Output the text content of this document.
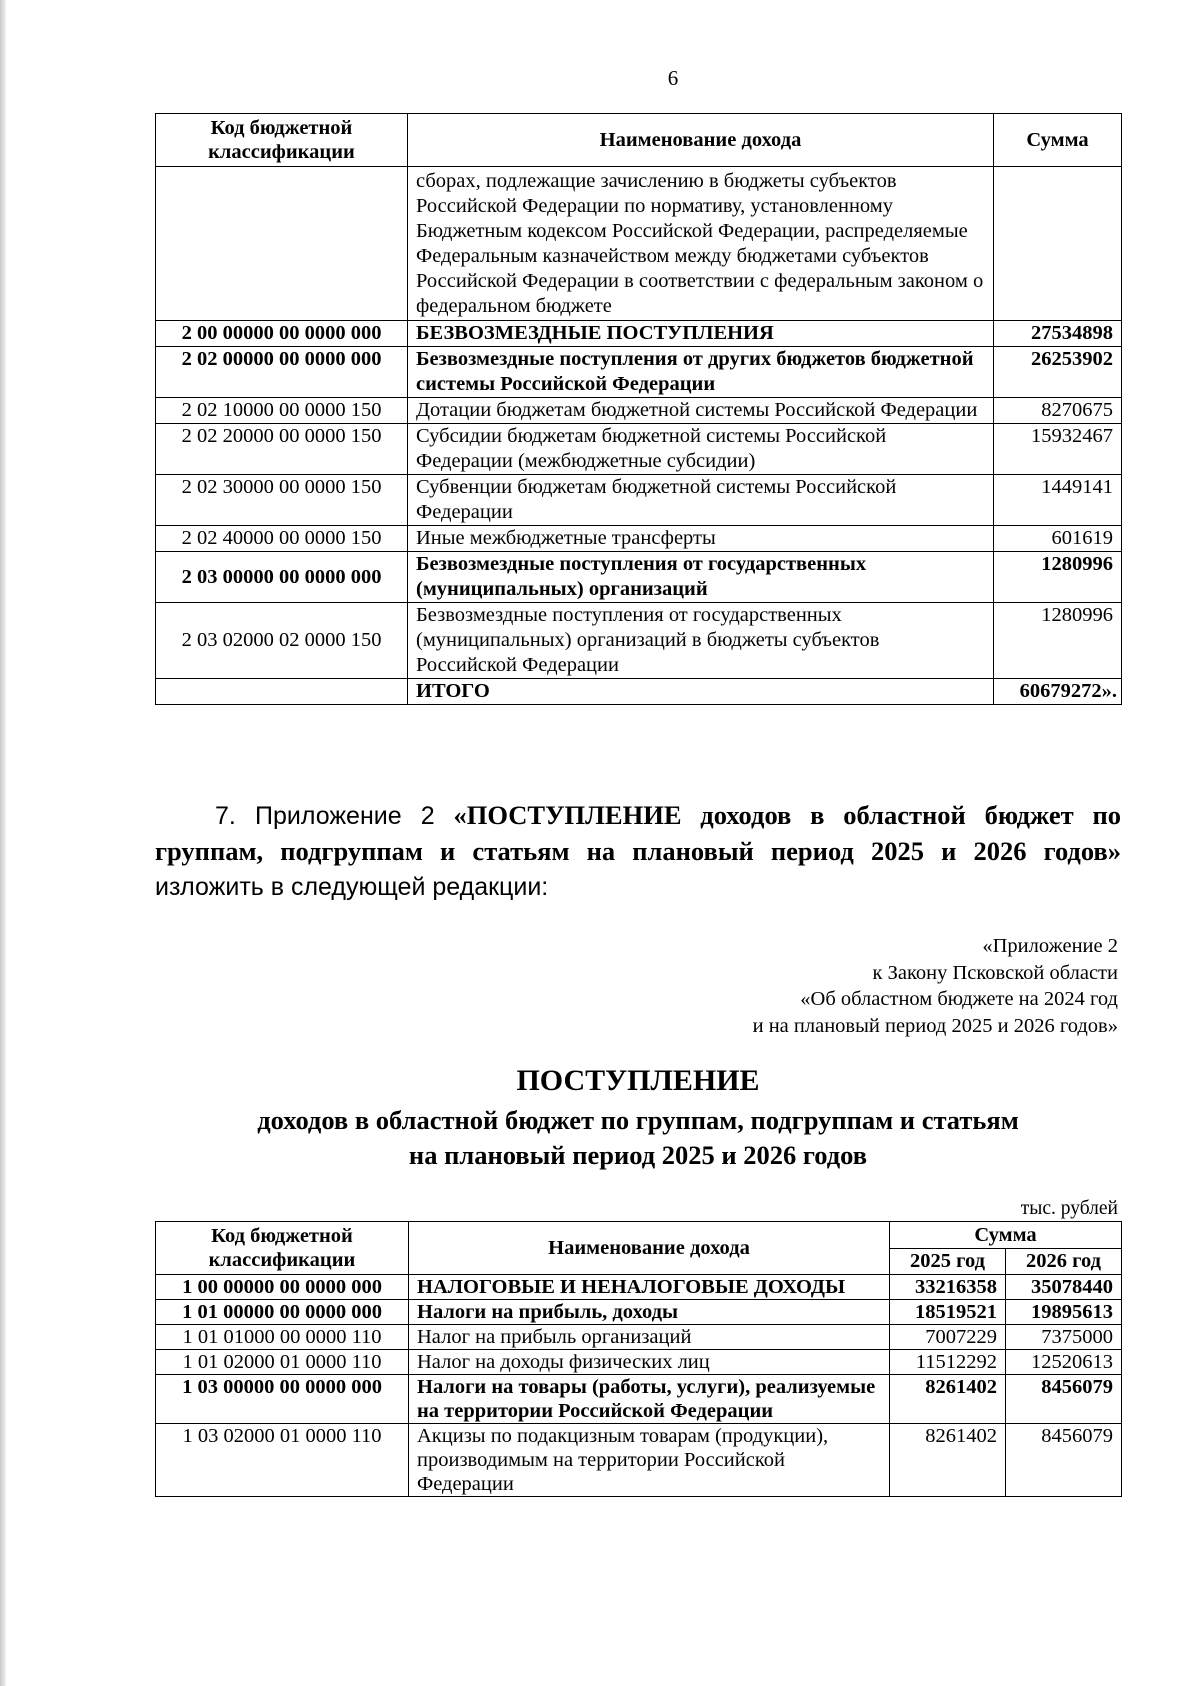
6
Код бюджетной классификации	Наименование дохода	Сумма
	сборах, подлежащие зачислению в бюджеты субъектов Российской Федерации по нормативу, установленному Бюджетным кодексом Российской Федерации, распределяемые Федеральным казначейством между бюджетами субъектов Российской Федерации в соответствии с федеральным законом о федеральном бюджете	
2 00 00000 00 0000 000	БЕЗВОЗМЕЗДНЫЕ ПОСТУПЛЕНИЯ	27534898
2 02 00000 00 0000 000	Безвозмездные поступления от других бюджетов бюджетной системы Российской Федерации	26253902
2 02 10000 00 0000 150	Дотации бюджетам бюджетной системы Российской Федерации	8270675
2 02 20000 00 0000 150	Субсидии бюджетам бюджетной системы Российской Федерации (межбюджетные субсидии)	15932467
2 02 30000 00 0000 150	Субвенции бюджетам бюджетной системы Российской Федерации	1449141
2 02 40000 00 0000 150	Иные межбюджетные трансферты	601619
2 03 00000 00 0000 000	Безвозмездные поступления от государственных (муниципальных) организаций	1280996
2 03 02000 02 0000 150	Безвозмездные поступления от государственных (муниципальных) организаций в бюджеты субъектов Российской Федерации	1280996
	ИТОГО	60679272».
7. Приложение 2 «ПОСТУПЛЕНИЕ доходов в областной бюджет по группам, подгруппам и статьям на плановый период 2025 и 2026 годов» изложить в следующей редакции:
«Приложение 2
к Закону Псковской области
«Об областном бюджете на 2024 год
и на плановый период 2025 и 2026 годов»
ПОСТУПЛЕНИЕ
доходов в областной бюджет по группам, подгруппам и статьям
на плановый период 2025 и 2026 годов
тыс. рублей
Код бюджетной классификации	Наименование дохода	Сумма	
		2025 год	2026 год
1 00 00000 00 0000 000	НАЛОГОВЫЕ И НЕНАЛОГОВЫЕ ДОХОДЫ	33216358	35078440
1 01 00000 00 0000 000	Налоги на прибыль, доходы	18519521	19895613
1 01 01000 00 0000 110	Налог на прибыль организаций	7007229	7375000
1 01 02000 01 0000 110	Налог на доходы физических лиц	11512292	12520613
1 03 00000 00 0000 000	Налоги на товары (работы, услуги), реализуемые на территории Российской Федерации	8261402	8456079
1 03 02000 01 0000 110	Акцизы по подакцизным товарам (продукции), производимым на территории Российской Федерации	8261402	8456079
